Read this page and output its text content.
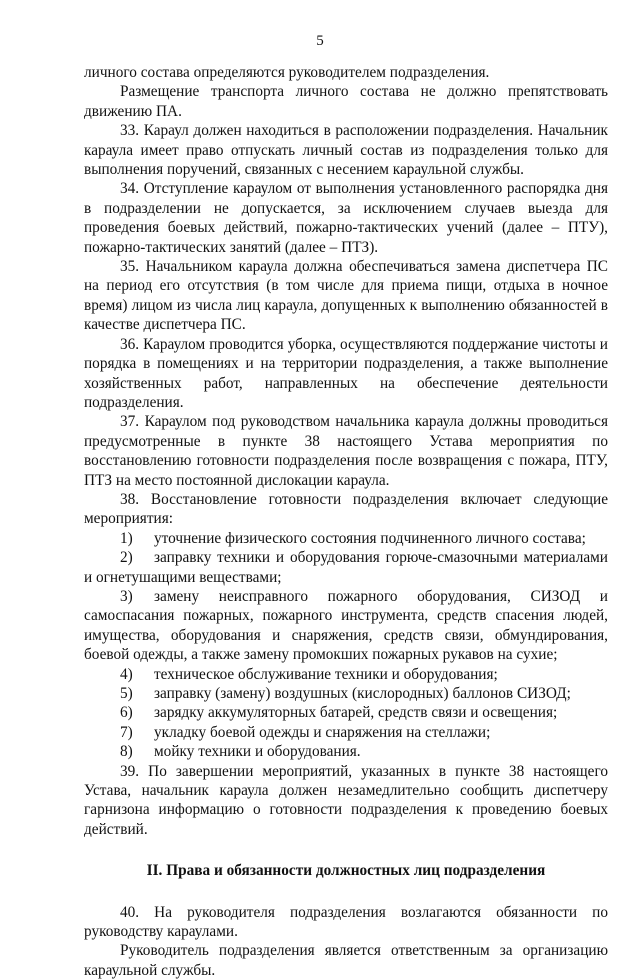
5

личного состава определяются руководителем подразделения.

Размещение транспорта личного состава не должно препятствовать движению ПА.

33. Караул должен находиться в расположении подразделения. Начальник караула имеет право отпускать личный состав из подразделения только для выполнения поручений, связанных с несением караульной службы.

34. Отступление караулом от выполнения установленного распорядка дня в подразделении не допускается, за исключением случаев выезда для проведения боевых действий, пожарно-тактических учений (далее – ПТУ), пожарно-тактических занятий (далее – ПТЗ).

35. Начальником караула должна обеспечиваться замена диспетчера ПС на период его отсутствия (в том числе для приема пищи, отдыха в ночное время) лицом из числа лиц караула, допущенных к выполнению обязанностей в качестве диспетчера ПС.

36. Караулом проводится уборка, осуществляются поддержание чистоты и порядка в помещениях и на территории подразделения, а также выполнение хозяйственных работ, направленных на обеспечение деятельности подразделения.

37. Караулом под руководством начальника караула должны проводиться предусмотренные в пункте 38 настоящего Устава мероприятия по восстановлению готовности подразделения после возвращения с пожара, ПТУ, ПТЗ на место постоянной дислокации караула.

38. Восстановление готовности подразделения включает следующие мероприятия:

1) уточнение физического состояния подчиненного личного состава;

2) заправку техники и оборудования горюче-смазочными материалами и огнетушащими веществами;

3) замену неисправного пожарного оборудования, СИЗОД и самоспасания пожарных, пожарного инструмента, средств спасения людей, имущества, оборудования и снаряжения, средств связи, обмундирования, боевой одежды, а также замену промокших пожарных рукавов на сухие;

4) техническое обслуживание техники и оборудования;

5) заправку (замену) воздушных (кислородных) баллонов СИЗОД;

6) зарядку аккумуляторных батарей, средств связи и освещения;

7) укладку боевой одежды и снаряжения на стеллажи;

8) мойку техники и оборудования.

39. По завершении мероприятий, указанных в пункте 38 настоящего Устава, начальник караула должен незамедлительно сообщить диспетчеру гарнизона информацию о готовности подразделения к проведению боевых действий.

II. Права и обязанности должностных лиц подразделения

40. На руководителя подразделения возлагаются обязанности по руководству караулами.

Руководитель подразделения является ответственным за организацию караульной службы.
